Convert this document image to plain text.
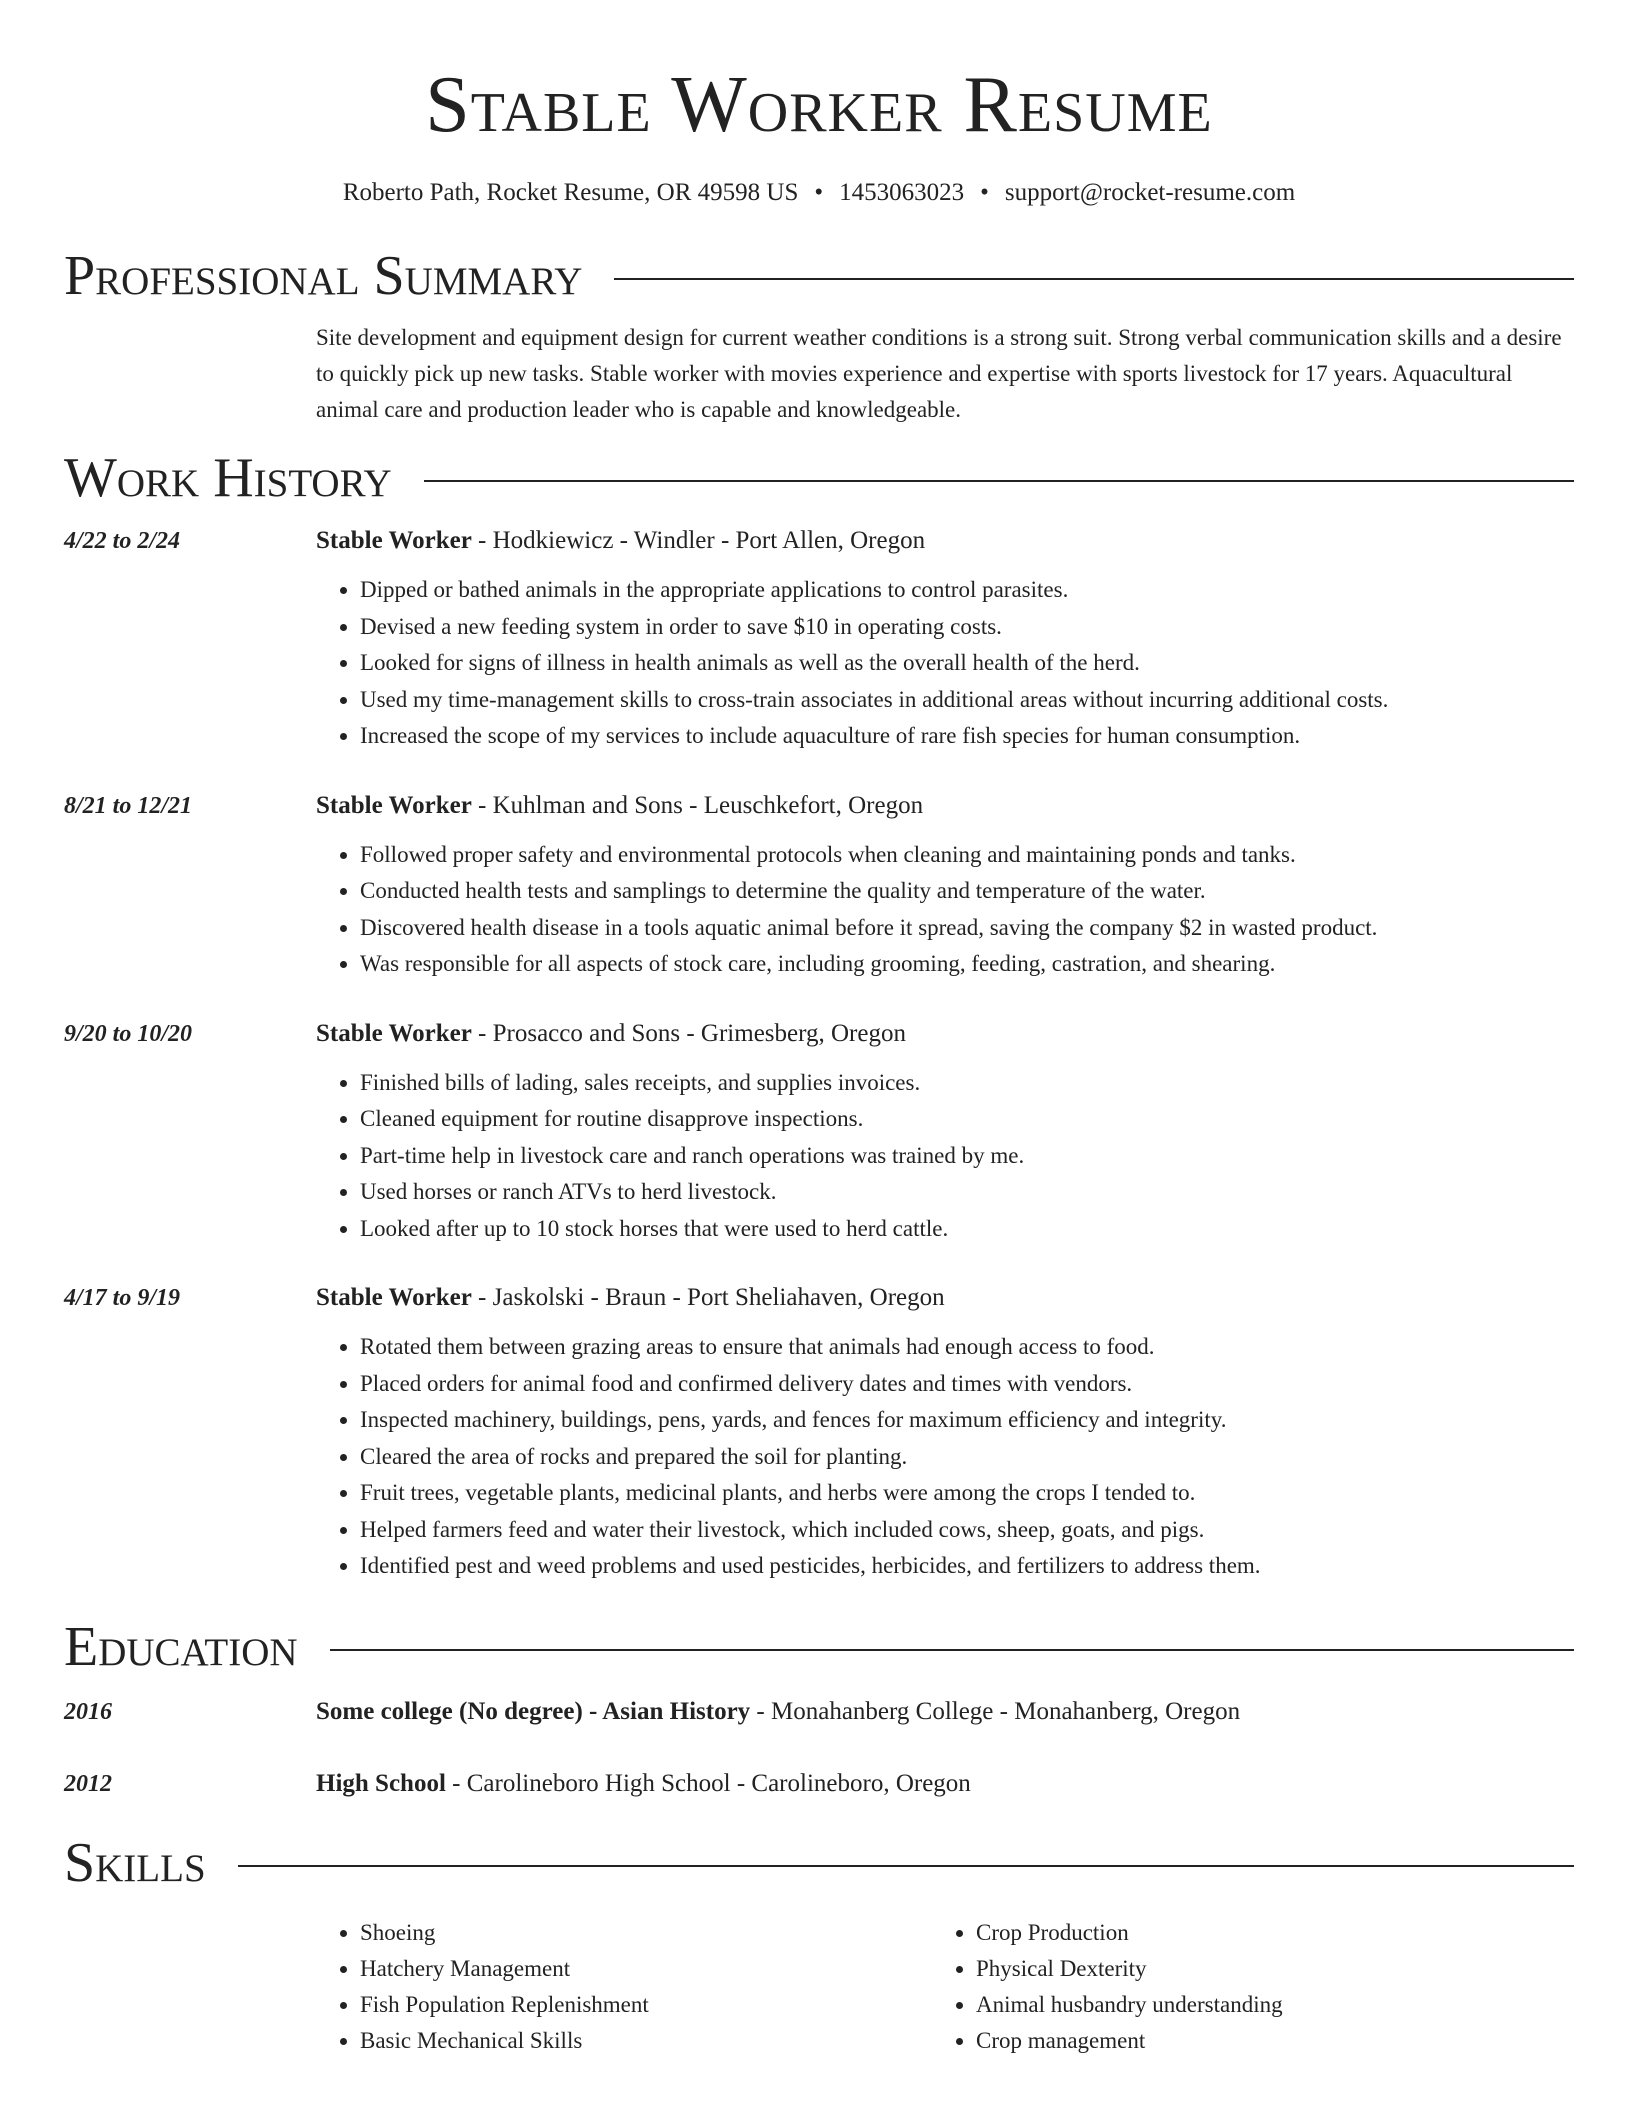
Stable Worker Resume
Roberto Path, Rocket Resume, OR 49598 US • 1453063023 • support@rocket-resume.com
Professional Summary
Site development and equipment design for current weather conditions is a strong suit. Strong verbal communication skills and a desire to quickly pick up new tasks. Stable worker with movies experience and expertise with sports livestock for 17 years. Aquacultural animal care and production leader who is capable and knowledgeable.
Work History
4/22 to 2/24	Stable Worker - Hodkiewicz - Windler - Port Allen, Oregon
• Dipped or bathed animals in the appropriate applications to control parasites.
• Devised a new feeding system in order to save $10 in operating costs.
• Looked for signs of illness in health animals as well as the overall health of the herd.
• Used my time-management skills to cross-train associates in additional areas without incurring additional costs.
• Increased the scope of my services to include aquaculture of rare fish species for human consumption.
8/21 to 12/21	Stable Worker - Kuhlman and Sons - Leuschkefort, Oregon
• Followed proper safety and environmental protocols when cleaning and maintaining ponds and tanks.
• Conducted health tests and samplings to determine the quality and temperature of the water.
• Discovered health disease in a tools aquatic animal before it spread, saving the company $2 in wasted product.
• Was responsible for all aspects of stock care, including grooming, feeding, castration, and shearing.
9/20 to 10/20	Stable Worker - Prosacco and Sons - Grimesberg, Oregon
• Finished bills of lading, sales receipts, and supplies invoices.
• Cleaned equipment for routine disapprove inspections.
• Part-time help in livestock care and ranch operations was trained by me.
• Used horses or ranch ATVs to herd livestock.
• Looked after up to 10 stock horses that were used to herd cattle.
4/17 to 9/19	Stable Worker - Jaskolski - Braun - Port Sheliahaven, Oregon
• Rotated them between grazing areas to ensure that animals had enough access to food.
• Placed orders for animal food and confirmed delivery dates and times with vendors.
• Inspected machinery, buildings, pens, yards, and fences for maximum efficiency and integrity.
• Cleared the area of rocks and prepared the soil for planting.
• Fruit trees, vegetable plants, medicinal plants, and herbs were among the crops I tended to.
• Helped farmers feed and water their livestock, which included cows, sheep, goats, and pigs.
• Identified pest and weed problems and used pesticides, herbicides, and fertilizers to address them.
Education
2016	Some college (No degree) - Asian History - Monahanberg College - Monahanberg, Oregon
2012	High School - Carolineboro High School - Carolineboro, Oregon
Skills
• Shoeing
• Hatchery Management
• Fish Population Replenishment
• Basic Mechanical Skills
• Crop Production
• Physical Dexterity
• Animal husbandry understanding
• Crop management
